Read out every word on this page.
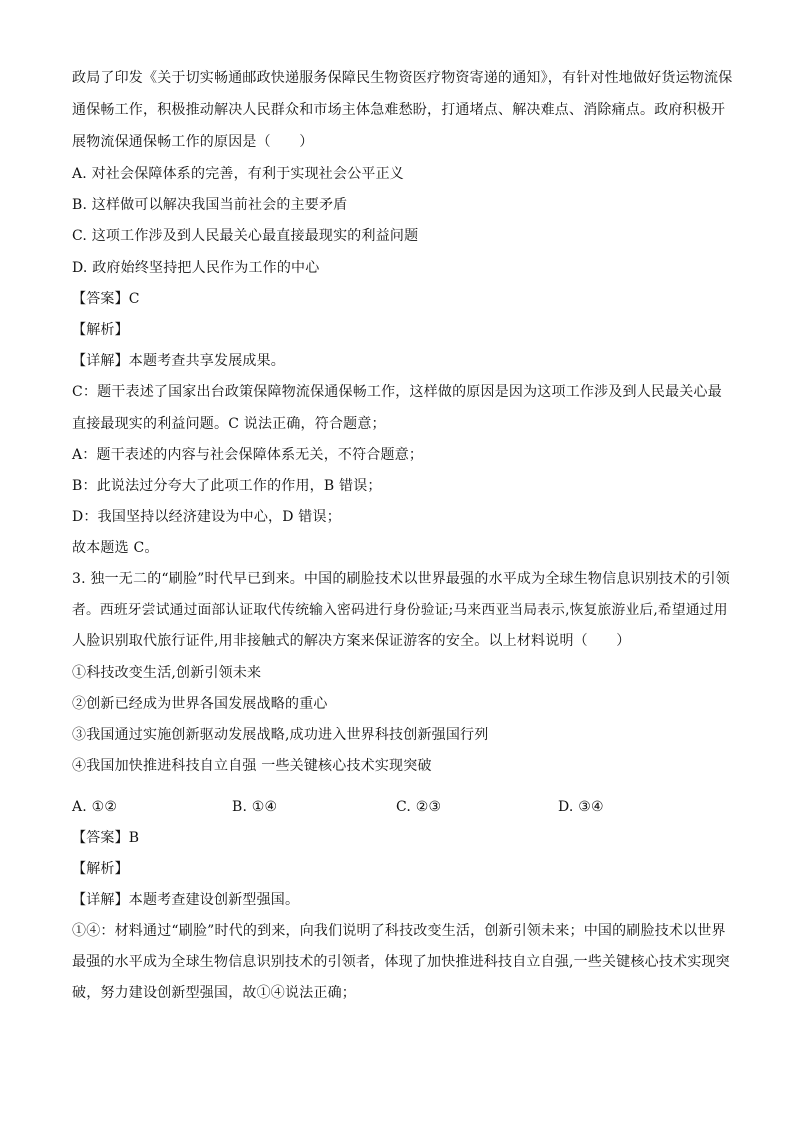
政局了印发《关于切实畅通邮政快递服务保障民生物资医疗物资寄递的通知》，有针对性地做好货运物流保
通保畅工作，积极推动解决人民群众和市场主体急难愁盼，打通堵点、解决难点、消除痛点。政府积极开
展物流保通保畅工作的原因是（　　）
A. 对社会保障体系的完善，有利于实现社会公平正义
B. 这样做可以解决我国当前社会的主要矛盾
C. 这项工作涉及到人民最关心最直接最现实的利益问题
D. 政府始终坚持把人民作为工作的中心
【答案】C
【解析】
【详解】本题考查共享发展成果。
C：题干表述了国家出台政策保障物流保通保畅工作，这样做的原因是因为这项工作涉及到人民最关心最
直接最现实的利益问题。C 说法正确，符合题意；
A：题干表述的内容与社会保障体系无关，不符合题意；
B：此说法过分夸大了此项工作的作用，B 错误；
D：我国坚持以经济建设为中心，D 错误；
故本题选 C。
3. 独一无二的“刷脸”时代早已到来。中国的刷脸技术以世界最强的水平成为全球生物信息识别技术的引领
者。西班牙尝试通过面部认证取代传统输入密码进行身份验证;马来西亚当局表示,恢复旅游业后,希望通过用
人脸识别取代旅行证件,用非接触式的解决方案来保证游客的安全。以上材料说明（　　）
①科技改变生活,创新引领未来
②创新已经成为世界各国发展战略的重心
③我国通过实施创新驱动发展战略,成功进入世界科技创新强国行列
④我国加快推进科技自立自强 一些关键核心技术实现突破
A. ①②	B. ①④	C. ②③	D. ③④
【答案】B
【解析】
【详解】本题考查建设创新型强国。
①④：材料通过“刷脸”时代的到来，向我们说明了科技改变生活，创新引领未来；中国的刷脸技术以世界
最强的水平成为全球生物信息识别技术的引领者，体现了加快推进科技自立自强,一些关键核心技术实现突
破，努力建设创新型强国，故①④说法正确；
